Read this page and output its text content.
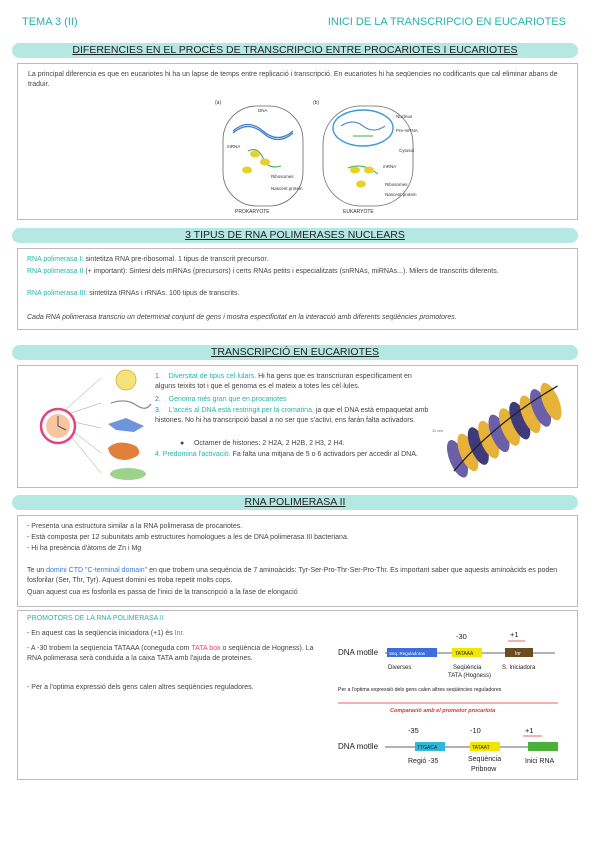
TEMA 3 (II)	INICI DE LA TRANSCRIPCIO EN EUCARIOTES
DIFERENCIES EN EL PROCÈS DE TRANSCRIPCIO ENTRE PROCARIOTES I EUCARIOTES
La principal diferencia es que en eucariotes hi ha un lapse de temps entre replicació i transcripció. En eucariotes hi ha seqüencies no codificants que cal eliminar abans de traduir.
(a)	(b)
DNA
mRNA
Ribosomes
Nascent protein
PROKARYOTE
Nucleus
Pre-mRNA
Cytosol
mRNA
Ribosomes
Nascent protein
EUKARYOTE
3 TIPUS DE RNA POLIMERASES NUCLEARS
RNA polimerasa I: sintetitza RNA pre-ribosomal. 1 tipus de transcrit precursor.
RNA polimerasa II (+ important): Sintesi dels mRNAs (precursors) i certs RNAs petits i especialitzats (snRNAs, miRNAs...). Milers de transcrits diferents.
RNA polimerasa III: sintetitza tRNAs i rRNAs. 100 tipus de transcrits.
Cada RNA polimerasa transcriu un determinat conjunt de gens i mostra especificitat en la interacció amb diferents seqüències promotores.
TRANSCRIPCIÓ EN EUCARIOTES
1. Diversitat de tipus cel·lulars. Hi ha gens que es transcriuran especificament en alguns teixits tot i que el genoma es el mateix a totes les cèl·lules.
2. Genoma més gran que en procariotes
3. L'accés al DNA està restringit per la cromatina, ja que el DNA està empaquetat amb histones. No hi ha transcripció basal a no ser que s'activi, ens farán falta activadors.
●     Octamer de histones: 2 H2A, 2 H2B, 2 H3, 2 H4.
4. Predomina l'activació. Fa falta una mitjana de 5 o 6 activadors per accedir al DNA.
11 nm
RNA POLIMERASA II
- Presenta una estructura similar a la RNA polimerasa de procariotes.
- Està composta per 12 subunitats amb estructures homologues a les de DNA polimerasa III bacteriana.
- Hi ha presència d'àtoms de Zn i Mg
Te un domini CTD "C-terminal domain" en que trobem una sequència de 7 aminoàcids: Tyr-Ser-Pro-Thr-Ser-Pro-Thr. Es important saber que aquests aminoàcids es poden fosforilar (Ser, Thr, Tyr). Aquest domini es troba repetit molts cops.
Quan aquest cua es fosforila es passa de l'inici de la transcripció a la fase de elongació
PROMOTORS DE LA RNA POLIMERASA II
- En aquest cas la seqüencia iniciadora (+1) és Inr.
- A -30 trobem la seqüencia TATAAA (coneguda com TATA box o seqüència de Hogness). La RNA polimerasa serà conduida a la caixa TATA amb l'ajuda de proteines.
- Per a l'optima expressió dels gens calen altres seqüències reguladores.
-30	+1
DNA motlle Seq. Reguladoras	TATAAA	Inr
Diverses	Seqüència
TATA (Hogness)
S. Iniciadora
Per a l'optima expressió dels gens calen altres seqüències reguladores
Comparació amb el promotor procariota
-35	-10	+1
DNA motlle	TTGACA	TATAAT
Regió -35	Seqüència
Pribnow
Inici RNA
